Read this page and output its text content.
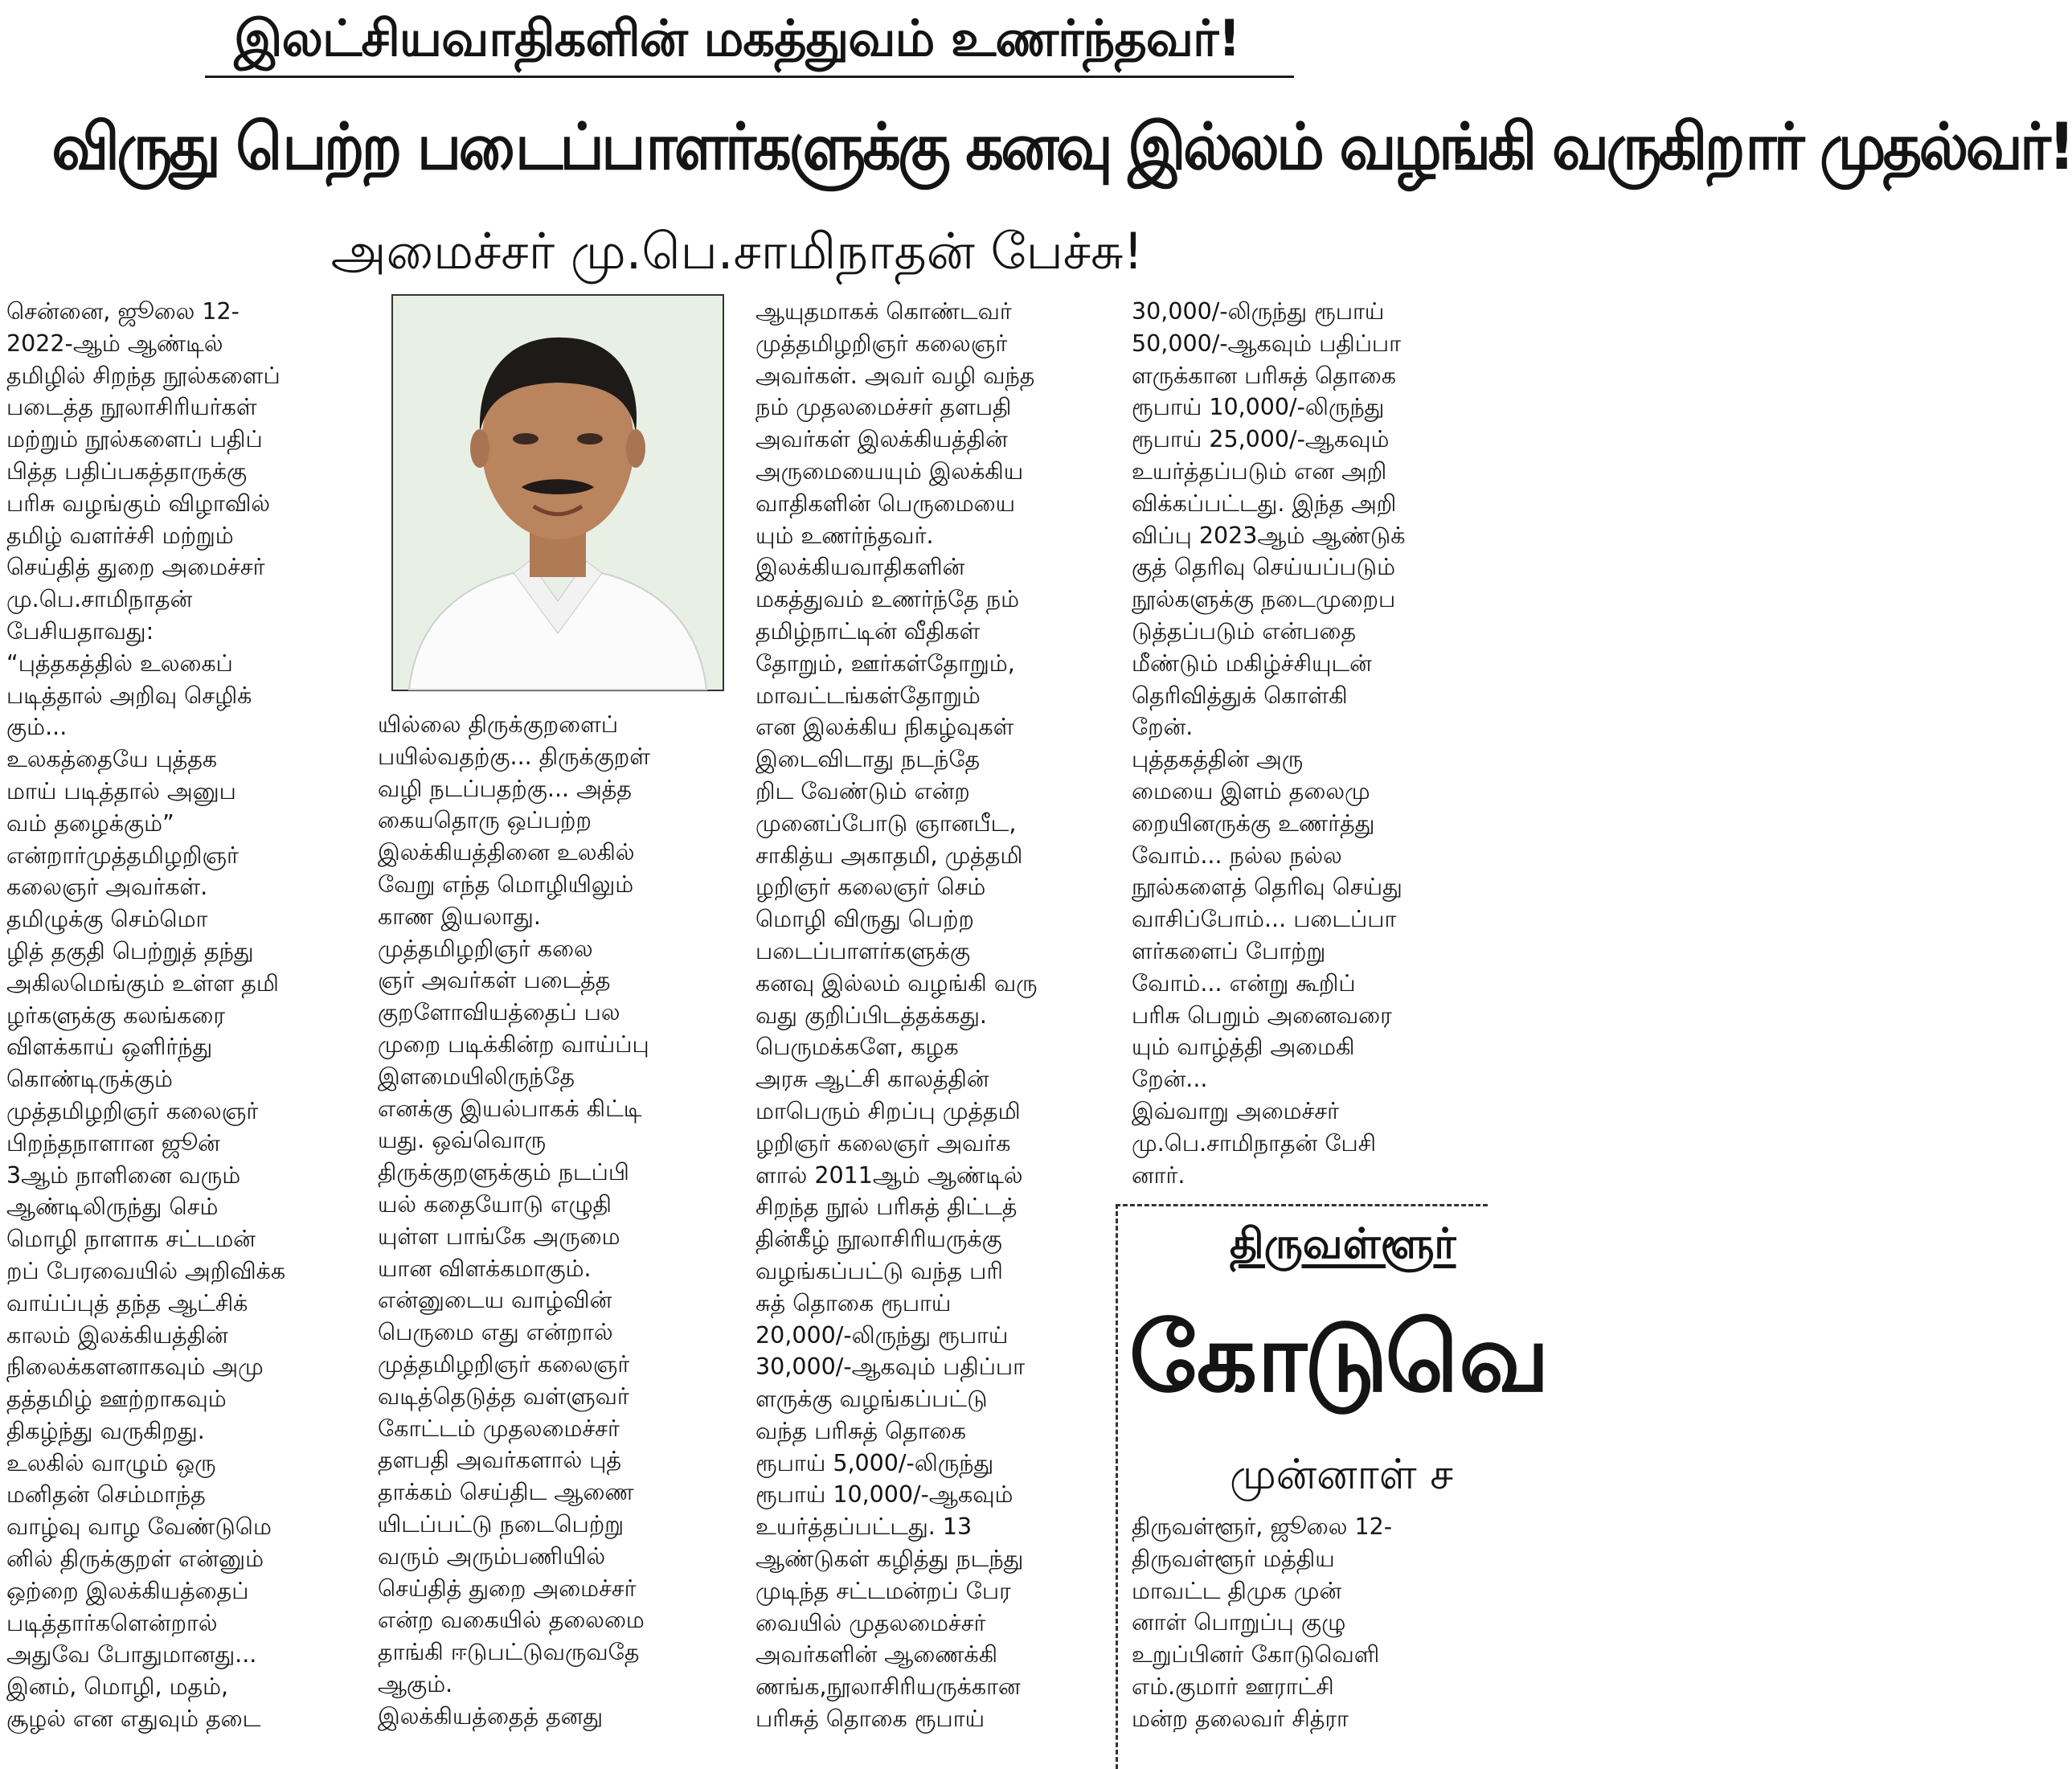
இலட்சியவாதிகளின் மகத்துவம் உணர்ந்தவர்!
விருது பெற்ற படைப்பாளர்களுக்கு கனவு இல்லம் வழங்கி வருகிறார் முதல்வர்!
அமைச்சர் மு.பெ.சாமிநாதன் பேச்சு!
சென்னை, ஜூலை 12-
2022-ஆம் ஆண்டில்
தமிழில் சிறந்த நூல்களைப்
படைத்த நூலாசிரியர்கள்
மற்றும் நூல்களைப் பதிப்
பித்த பதிப்பகத்தாருக்கு
பரிசு வழங்கும் விழாவில்
தமிழ் வளர்ச்சி மற்றும்
செய்தித் துறை அமைச்சர்
மு.பெ.சாமிநாதன்
பேசியதாவது:
“புத்தகத்தில் உலகைப்
படித்தால் அறிவு செழிக்
கும்...
உலகத்தையே புத்தக
மாய் படித்தால் அனுப
வம் தழைக்கும்”
என்றார்முத்தமிழறிஞர்
கலைஞர் அவர்கள்.
தமிழுக்கு செம்மொ
ழித் தகுதி பெற்றுத் தந்து
அகிலமெங்கும் உள்ள தமி
ழர்களுக்கு கலங்கரை
விளக்காய் ஒளிர்ந்து
கொண்டிருக்கும்
முத்தமிழறிஞர் கலைஞர்
பிறந்தநாளான ஜூன்
3ஆம் நாளினை வரும்
ஆண்டிலிருந்து செம்
மொழி நாளாக சட்டமன்
றப் பேரவையில் அறிவிக்க
வாய்ப்புத் தந்த ஆட்சிக்
காலம் இலக்கியத்தின்
நிலைக்களனாகவும் அமு
தத்தமிழ் ஊற்றாகவும்
திகழ்ந்து வருகிறது.
உலகில் வாழும் ஒரு
மனிதன் செம்மாந்த
வாழ்வு வாழ வேண்டுமெ
னில் திருக்குறள் என்னும்
ஒற்றை இலக்கியத்தைப்
படித்தார்களென்றால்
அதுவே போதுமானது...
இனம், மொழி, மதம்,
சூழல் என எதுவும் தடை
யில்லை திருக்குறளைப்
பயில்வதற்கு... திருக்குறள்
வழி நடப்பதற்கு... அத்த
கையதொரு ஒப்பற்ற
இலக்கியத்தினை உலகில்
வேறு எந்த மொழியிலும்
காண இயலாது.
முத்தமிழறிஞர் கலை
ஞர் அவர்கள் படைத்த
குறளோவியத்தைப் பல
முறை படிக்கின்ற வாய்ப்பு
இளமையிலிருந்தே
எனக்கு இயல்பாகக் கிட்டி
யது. ஒவ்வொரு
திருக்குறளுக்கும் நடப்பி
யல் கதையோடு எழுதி
யுள்ள பாங்கே அருமை
யான விளக்கமாகும்.
என்னுடைய வாழ்வின்
பெருமை எது என்றால்
முத்தமிழறிஞர் கலைஞர்
வடித்தெடுத்த வள்ளுவர்
கோட்டம் முதலமைச்சர்
தளபதி அவர்களால் புத்
தாக்கம் செய்திட ஆணை
யிடப்பட்டு நடைபெற்று
வரும் அரும்பணியில்
செய்தித் துறை அமைச்சர்
என்ற வகையில் தலைமை
தாங்கி ஈடுபட்டுவருவதே
ஆகும்.
இலக்கியத்தைத் தனது
ஆயுதமாகக் கொண்டவர்
முத்தமிழறிஞர் கலைஞர்
அவர்கள். அவர் வழி வந்த
நம் முதலமைச்சர் தளபதி
அவர்கள் இலக்கியத்தின்
அருமையையும் இலக்கிய
வாதிகளின் பெருமையை
யும் உணர்ந்தவர்.
இலக்கியவாதிகளின்
மகத்துவம் உணர்ந்தே நம்
தமிழ்நாட்டின் வீதிகள்
தோறும், ஊர்கள்தோறும்,
மாவட்டங்கள்தோறும்
என இலக்கிய நிகழ்வுகள்
இடைவிடாது நடந்தே
றிட வேண்டும் என்ற
முனைப்போடு ஞானபீட,
சாகித்ய அகாதமி, முத்தமி
ழறிஞர் கலைஞர் செம்
மொழி விருது பெற்ற
படைப்பாளர்களுக்கு
கனவு இல்லம் வழங்கி வரு
வது குறிப்பிடத்தக்கது.
பெருமக்களே, கழக
அரசு ஆட்சி காலத்தின்
மாபெரும் சிறப்பு முத்தமி
ழறிஞர் கலைஞர் அவர்க
ளால் 2011ஆம் ஆண்டில்
சிறந்த நூல் பரிசுத் திட்டத்
தின்கீழ் நூலாசிரியருக்கு
வழங்கப்பட்டு வந்த பரி
சுத் தொகை ரூபாய்
20,000/-லிருந்து ரூபாய்
30,000/-ஆகவும் பதிப்பா
ளருக்கு வழங்கப்பட்டு
வந்த பரிசுத் தொகை
ரூபாய் 5,000/-லிருந்து
ரூபாய் 10,000/-ஆகவும்
உயர்த்தப்பட்டது. 13
ஆண்டுகள் கழித்து நடந்து
முடிந்த சட்டமன்றப் பேர
வையில் முதலமைச்சர்
அவர்களின் ஆணைக்கி
ணங்க,நூலாசிரியருக்கான
பரிசுத் தொகை ரூபாய்
30,000/-லிருந்து ரூபாய்
50,000/-ஆகவும் பதிப்பா
ளருக்கான பரிசுத் தொகை
ரூபாய் 10,000/-லிருந்து
ரூபாய் 25,000/-ஆகவும்
உயர்த்தப்படும் என அறி
விக்கப்பட்டது. இந்த அறி
விப்பு 2023ஆம் ஆண்டுக்
குத் தெரிவு செய்யப்படும்
நூல்களுக்கு நடைமுறைப
டுத்தப்படும் என்பதை
மீண்டும் மகிழ்ச்சியுடன்
தெரிவித்துக் கொள்கி
றேன்.
புத்தகத்தின் அரு
மையை இளம் தலைமு
றையினருக்கு உணர்த்து
வோம்... நல்ல நல்ல
நூல்களைத் தெரிவு செய்து
வாசிப்போம்... படைப்பா
ளர்களைப் போற்று
வோம்... என்று கூறிப்
பரிசு பெறும் அனைவரை
யும் வாழ்த்தி அமைகி
றேன்...
இவ்வாறு அமைச்சர்
மு.பெ.சாமிநாதன் பேசி
னார்.
திருவள்ளூர்
கோடுவெ
முன்னாள் ச
திருவள்ளூர், ஜூலை 12-
திருவள்ளூர் மத்திய
மாவட்ட திமுக முன்
னாள் பொறுப்பு குழு
உறுப்பினர் கோடுவெளி
எம்.குமார் ஊராட்சி
மன்ற தலைவர் சித்ரா
